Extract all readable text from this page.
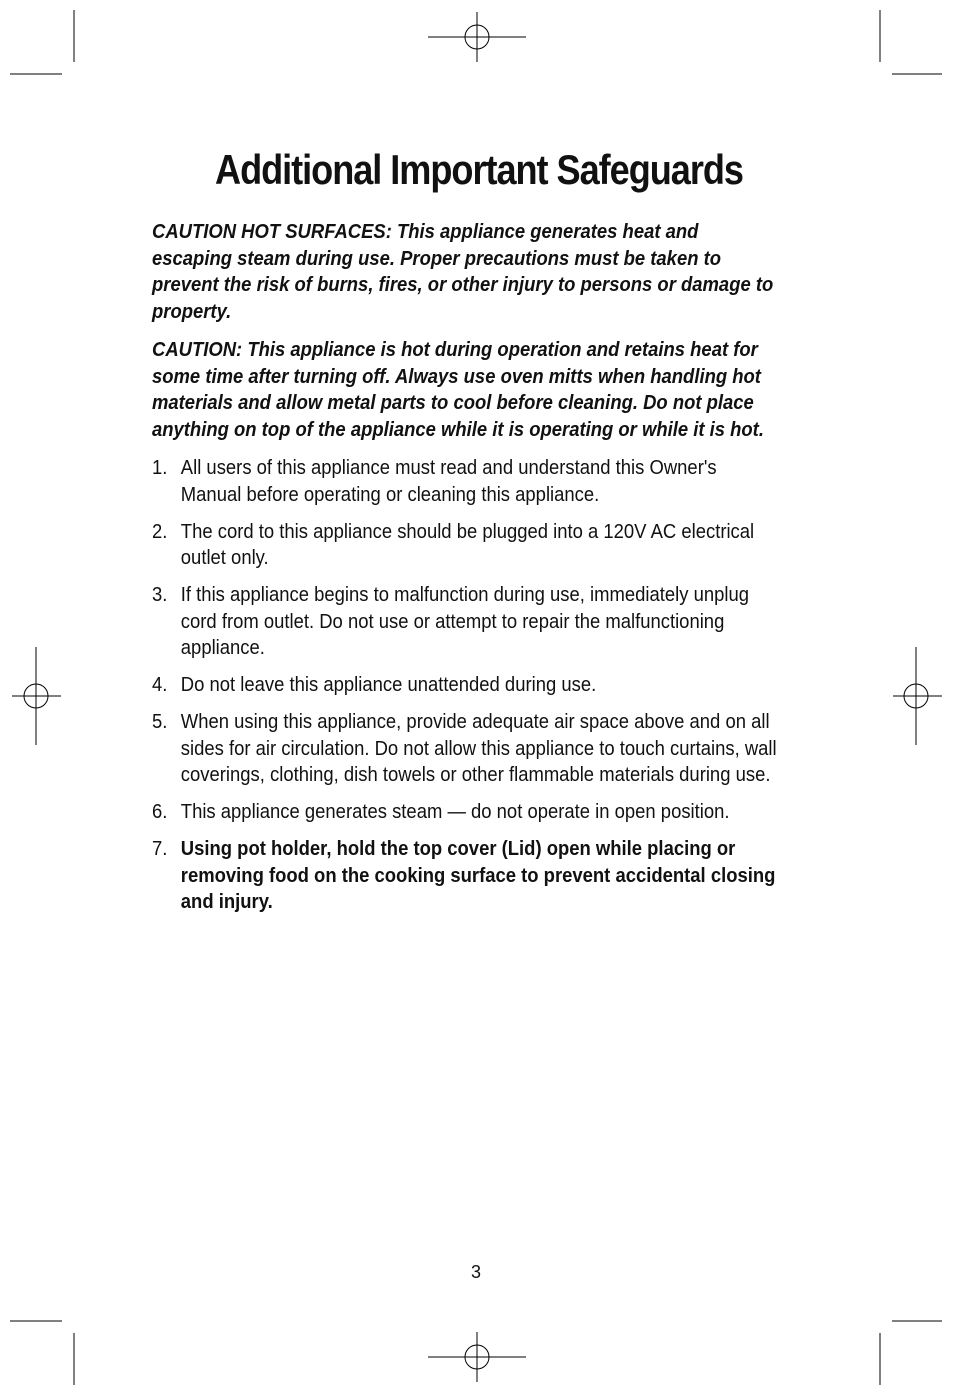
Additional Important Safeguards

CAUTION HOT SURFACES: This appliance generates heat and escaping steam during use. Proper precautions must be taken to prevent the risk of burns, fires, or other injury to persons or damage to property.

CAUTION: This appliance is hot during operation and retains heat for some time after turning off. Always use oven mitts when handling hot materials and allow metal parts to cool before cleaning. Do not place anything on top of the appliance while it is operating or while it is hot.

1. All users of this appliance must read and understand this Owner's Manual before operating or cleaning this appliance.
2. The cord to this appliance should be plugged into a 120V AC electrical outlet only.
3. If this appliance begins to malfunction during use, immediately unplug cord from outlet. Do not use or attempt to repair the malfunctioning appliance.
4. Do not leave this appliance unattended during use.
5. When using this appliance, provide adequate air space above and on all sides for air circulation. Do not allow this appliance to touch curtains, wall coverings, clothing, dish towels or other flammable materials during use.
6. This appliance generates steam — do not operate in open position.
7. Using pot holder, hold the top cover (Lid) open while placing or removing food on the cooking surface to prevent accidental closing and injury.
3
